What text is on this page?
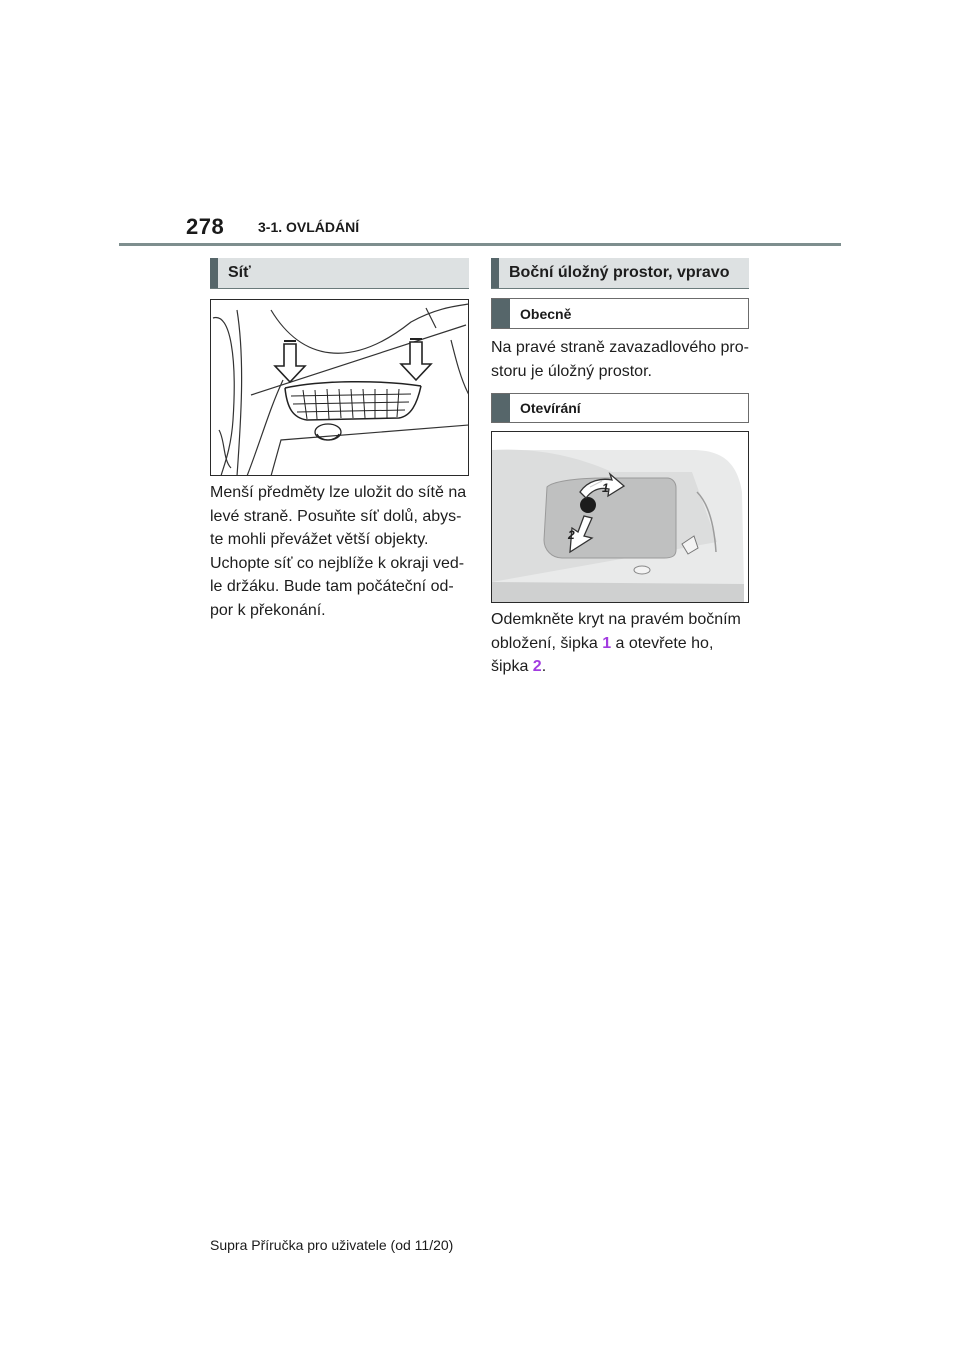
278 3-1. OVLÁDÁNÍ
Síť
Menší předměty lze uložit do sítě na
levé straně. Posuňte síť dolů, abys-
te mohli převážet větší objekty.
Uchopte síť co nejblíže k okraji ved-
le držáku. Bude tam počáteční od-
por k překonání.
Boční úložný prostor, vpravo
Obecně
Na pravé straně zavazadlového pro-
storu je úložný prostor.
Otevírání
1
2
Odemkněte kryt na pravém bočním
obložení, šipka 1 a otevřete ho,
šipka 2.
Supra Příručka pro uživatele (od 11/20)
